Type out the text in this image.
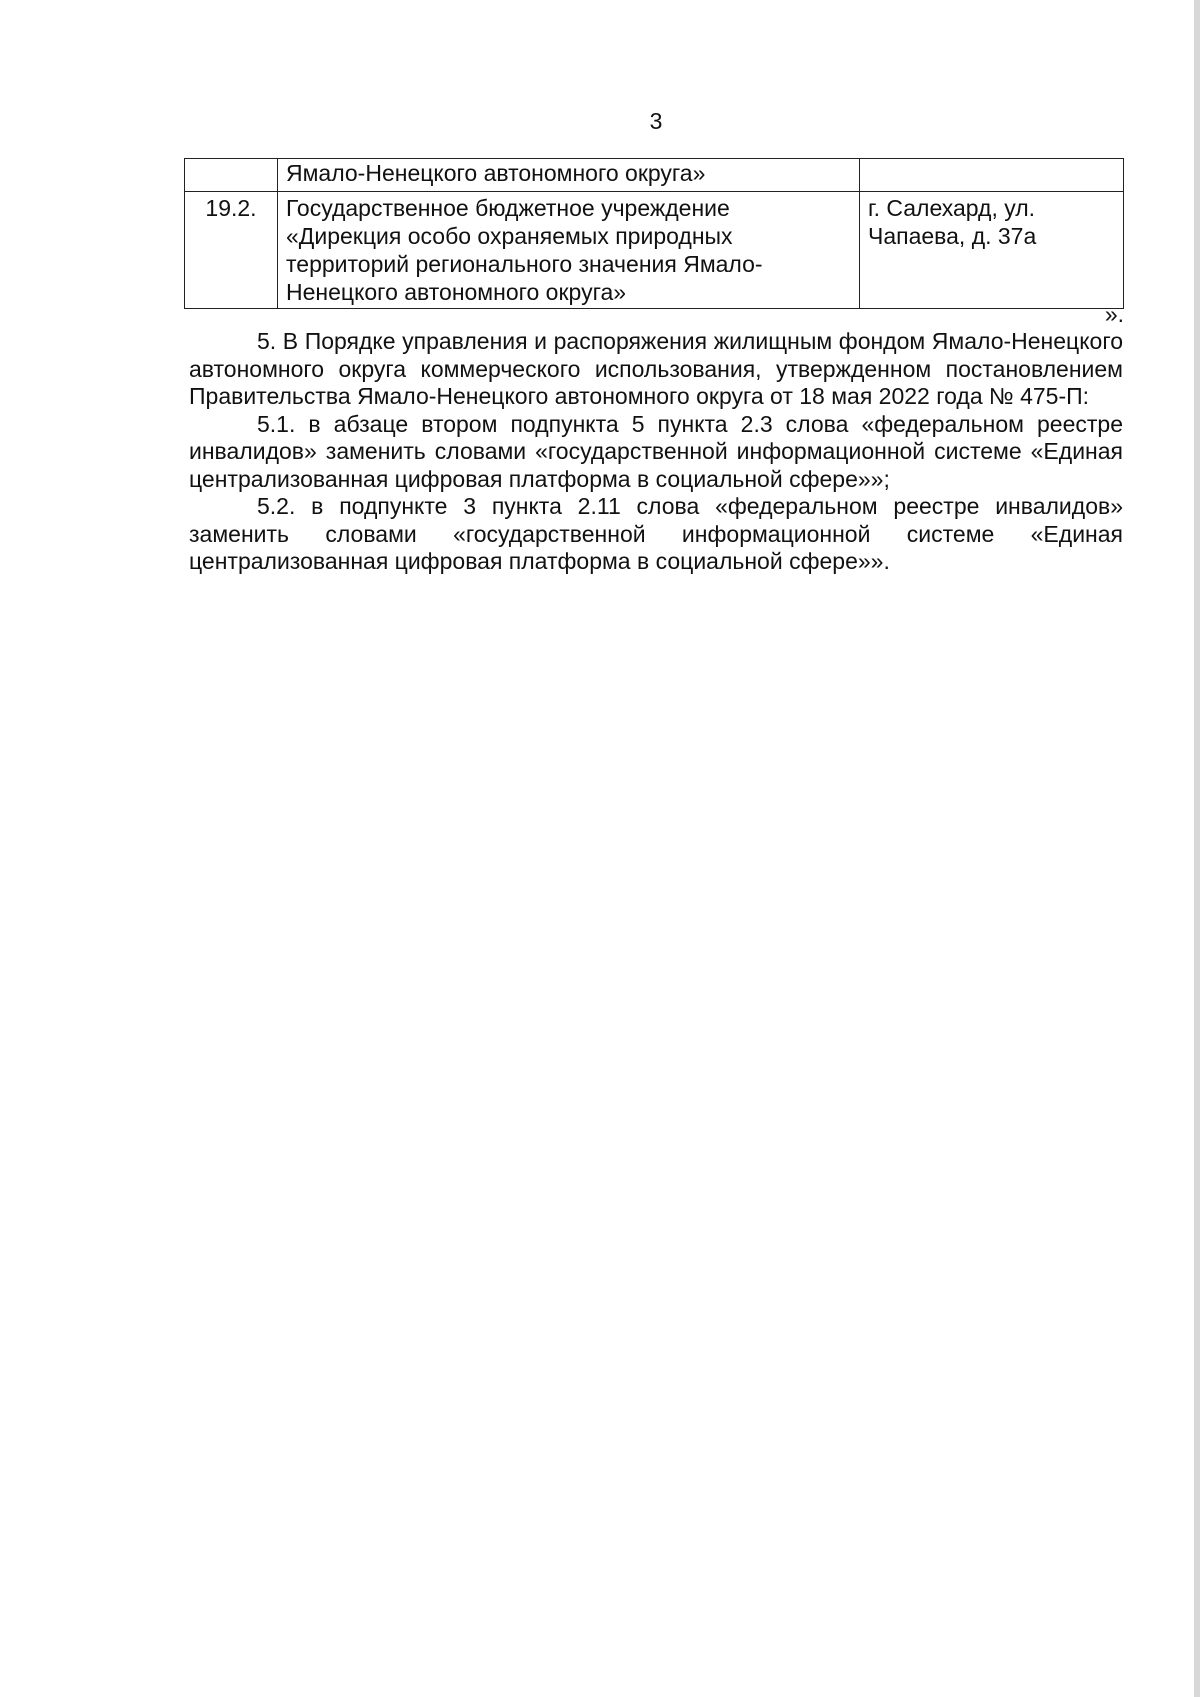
3
	Ямало-Ненецкого автономного округа»	
19.2.	Государственное бюджетное учреждение «Дирекция особо охраняемых природных территорий регионального значения Ямало-Ненецкого автономного округа»	г. Салехард, ул. Чапаева, д. 37а
».

5. В Порядке управления и распоряжения жилищным фондом Ямало-Ненецкого автономного округа коммерческого использования, утвержденном постановлением Правительства Ямало-Ненецкого автономного округа от 18 мая 2022 года № 475-П:

5.1. в абзаце втором подпункта 5 пункта 2.3 слова «федеральном реестре инвалидов» заменить словами «государственной информационной системе «Единая централизованная цифровая платформа в социальной сфере»»;

5.2. в подпункте 3 пункта 2.11 слова «федеральном реестре инвалидов» заменить словами «государственной информационной системе «Единая централизованная цифровая платформа в социальной сфере»».
